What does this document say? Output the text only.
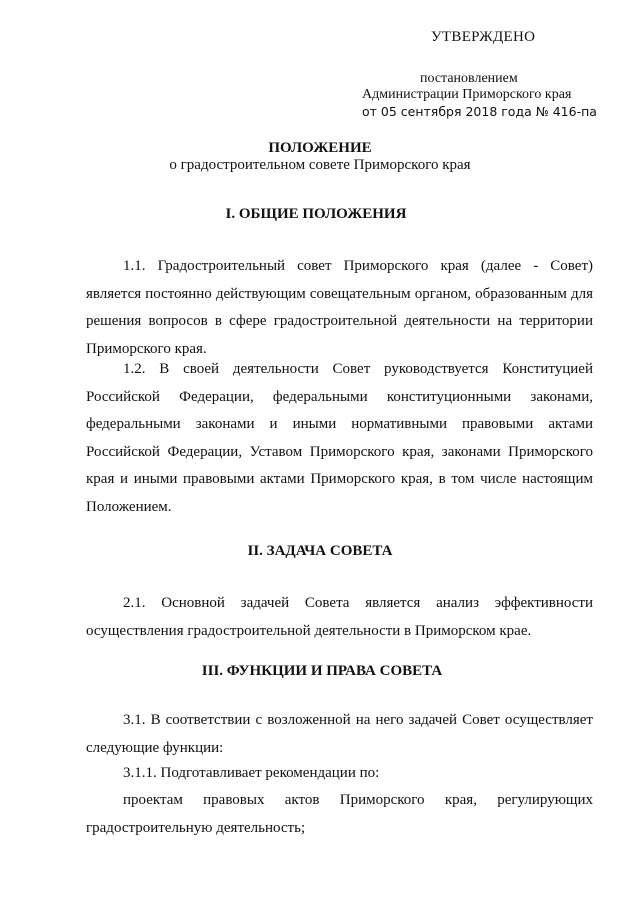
УТВЕРЖДЕНО
постановлением
Администрации Приморского края
от 05 сентября 2018 года № 416-па
ПОЛОЖЕНИЕ
о градостроительном совете Приморского края
I. ОБЩИЕ ПОЛОЖЕНИЯ
1.1. Градостроительный совет Приморского края (далее - Совет) является постоянно действующим совещательным органом, образованным для решения вопросов в сфере градостроительной деятельности на территории Приморского края.
1.2. В своей деятельности Совет руководствуется Конституцией Российской Федерации, федеральными конституционными законами, федеральными законами и иными нормативными правовыми актами Российской Федерации, Уставом Приморского края, законами Приморского края и иными правовыми актами Приморского края, в том числе настоящим Положением.
II. ЗАДАЧА СОВЕТА
2.1. Основной задачей Совета является анализ эффективности осуществления градостроительной деятельности в Приморском крае.
III. ФУНКЦИИ И ПРАВА СОВЕТА
3.1. В соответствии с возложенной на него задачей Совет осуществляет следующие функции:
3.1.1. Подготавливает рекомендации по:
проектам правовых актов Приморского края, регулирующих градостроительную деятельность;
